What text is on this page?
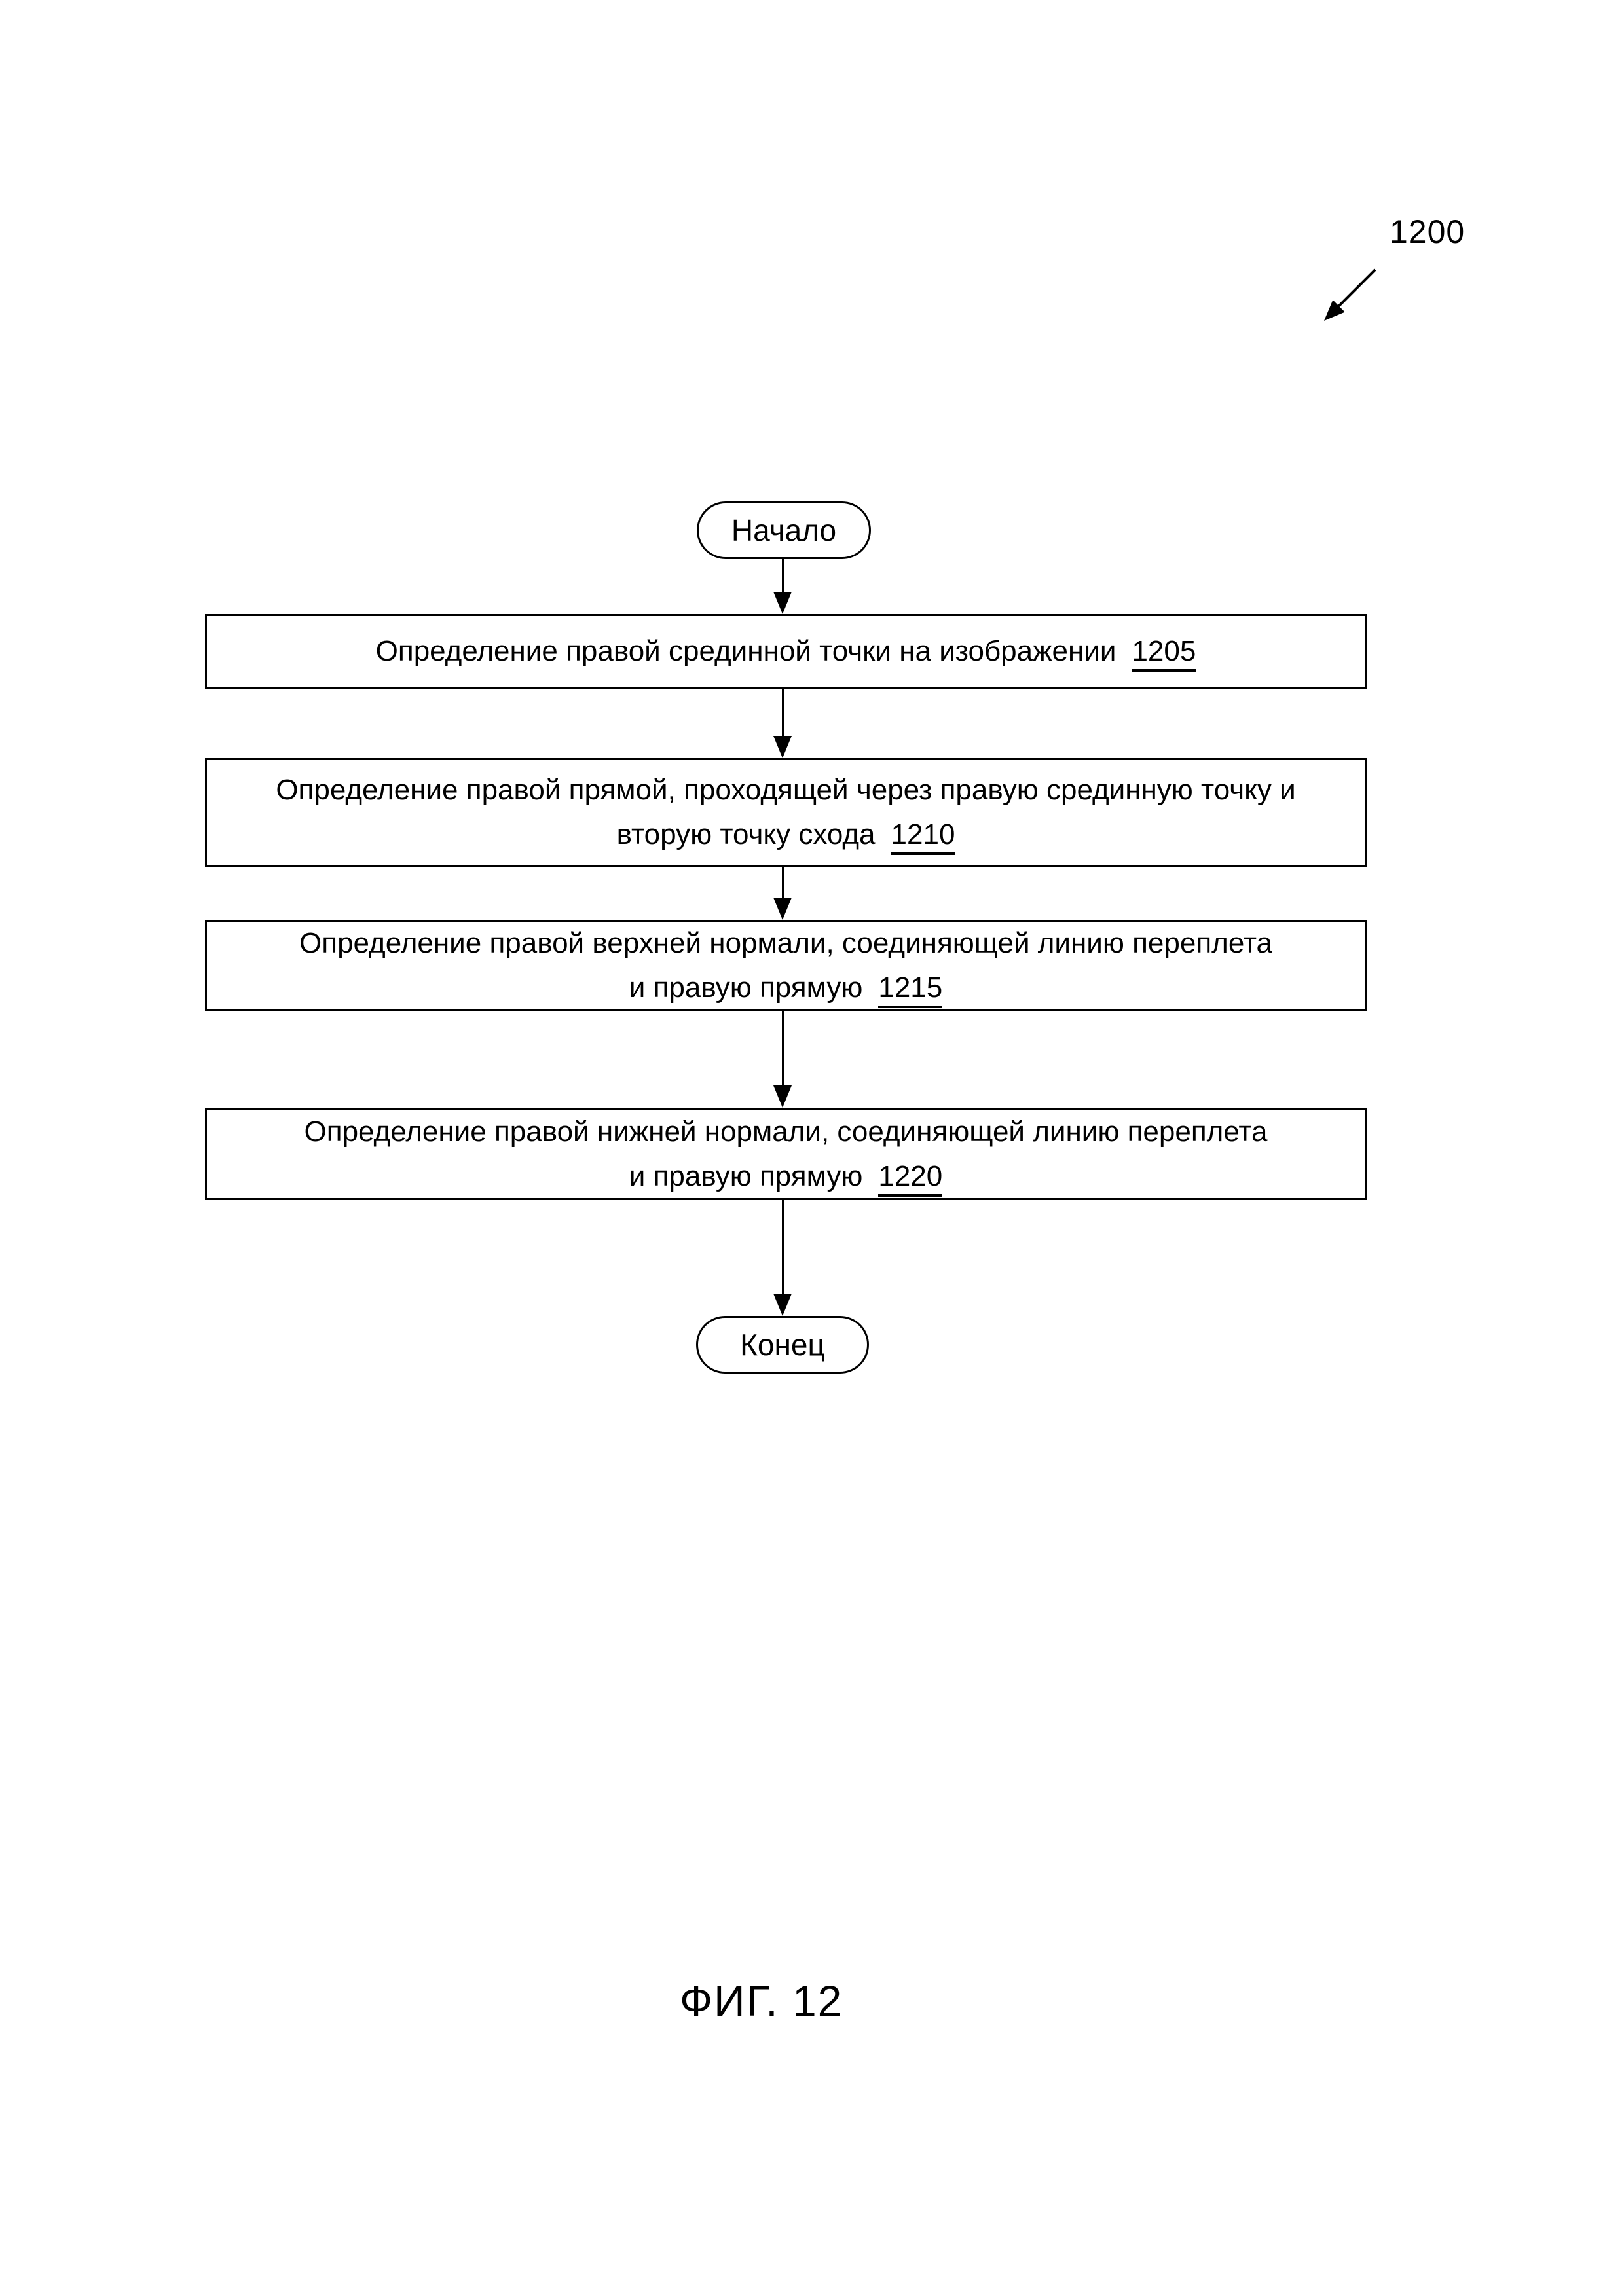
1200
Начало
Определение правой срединной точки на изображении 1205
Определение правой прямой, проходящей через правую срединную точку и
вторую точку схода 1210
Определение правой верхней нормали, соединяющей линию переплета
и правую прямую 1215
Определение правой нижней нормали, соединяющей линию переплета
и правую прямую 1220
Конец
ФИГ. 12
